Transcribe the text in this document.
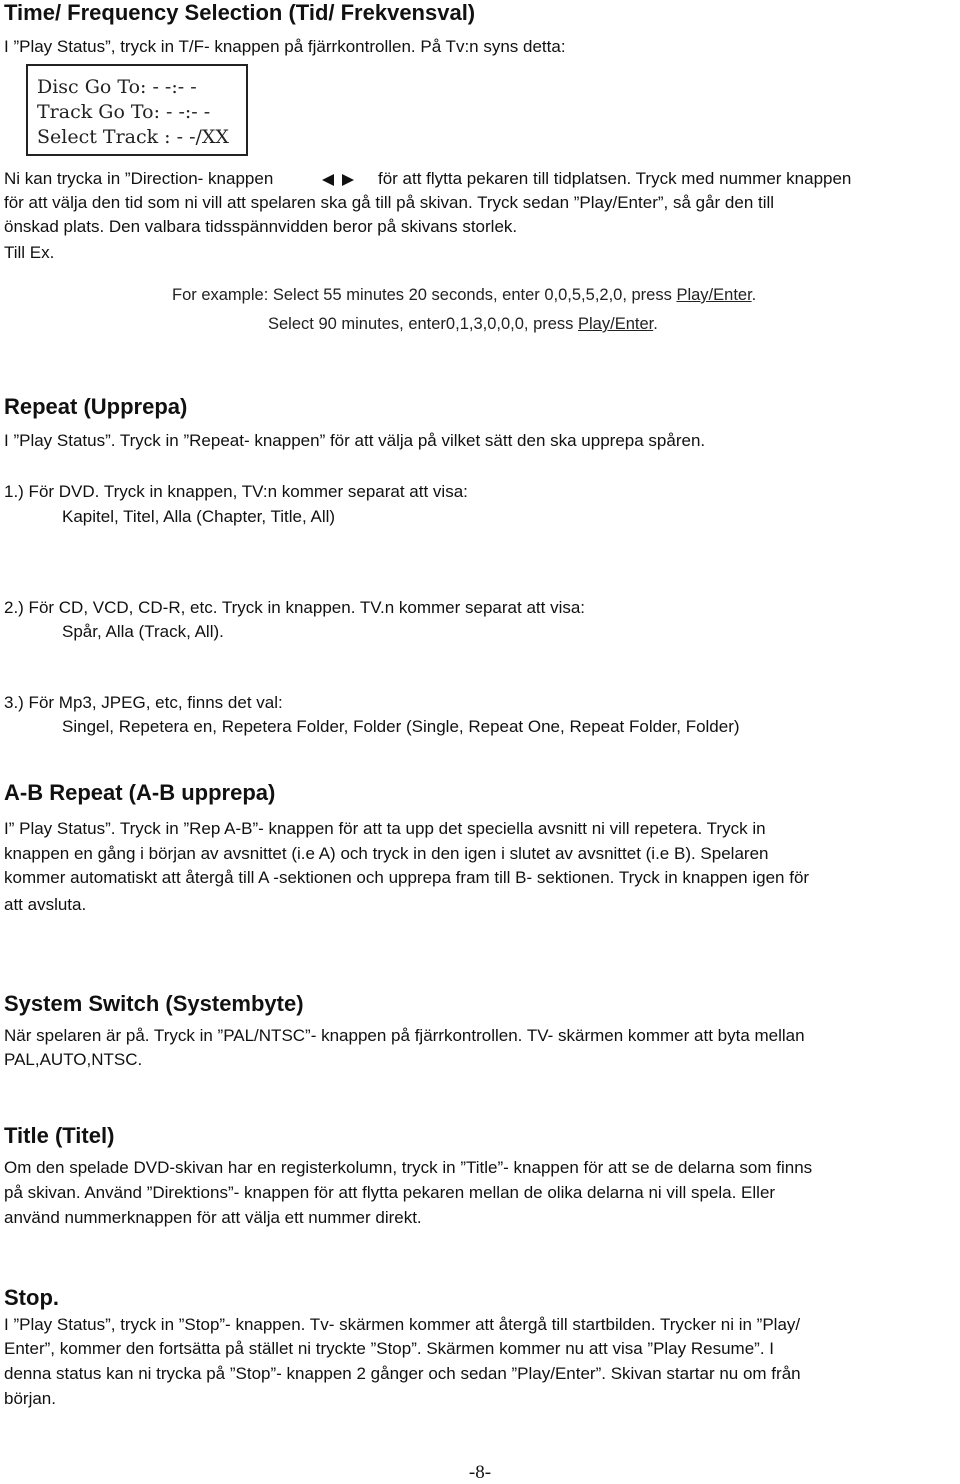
Time/ Frequency Selection (Tid/ Frekvensval)
I ”Play Status”, tryck in T/F- knappen på fjärrkontrollen. På Tv:n syns detta:
Disc Go To: - -:- -
Track Go To: - -:- -
Select Track : - -/XX
Ni kan trycka in ”Direction- knappen	för att flytta pekaren till tidplatsen. Tryck med nummer knappen
för att välja den tid som ni vill att spelaren ska gå till på skivan. Tryck sedan ”Play/Enter”, så går den till
önskad plats. Den valbara tidsspännvidden beror på skivans storlek.
Till Ex.
For example: Select 55 minutes 20 seconds, enter 0,0,5,5,2,0, press Play/Enter.
Select 90 minutes, enter0,1,3,0,0,0, press Play/Enter.
Repeat (Upprepa)
I ”Play Status”. Tryck in ”Repeat- knappen” för att välja på vilket sätt den ska upprepa spåren.
1.) För DVD. Tryck in knappen, TV:n kommer separat att visa:
Kapitel, Titel, Alla (Chapter, Title, All)
2.) För CD, VCD, CD-R, etc. Tryck in knappen. TV.n kommer separat att visa:
Spår, Alla (Track, All).
3.) För Mp3, JPEG, etc, finns det val:
Singel, Repetera en, Repetera Folder, Folder (Single, Repeat One, Repeat Folder, Folder)
A-B Repeat (A-B upprepa)
I” Play Status”. Tryck in ”Rep A-B”- knappen för att ta upp det speciella avsnitt ni vill repetera. Tryck in
knappen en gång i början av avsnittet (i.e A) och tryck in den igen i slutet av avsnittet (i.e B). Spelaren
kommer automatiskt att återgå till A -sektionen och upprepa fram till B- sektionen. Tryck in knappen igen för
att avsluta.
System Switch (Systembyte)
När spelaren är på. Tryck in ”PAL/NTSC”- knappen på fjärrkontrollen. TV- skärmen kommer att byta mellan
PAL,AUTO,NTSC.
Title (Titel)
Om den spelade DVD-skivan har en registerkolumn, tryck in ”Title”- knappen för att se de delarna som finns
på skivan. Använd ”Direktions”- knappen för att flytta pekaren mellan de olika delarna ni vill spela. Eller
använd nummerknappen för att välja ett nummer direkt.
Stop.
I ”Play Status”, tryck in ”Stop”- knappen. Tv- skärmen kommer att återgå till startbilden. Trycker ni in ”Play/
Enter”, kommer den fortsätta på stället ni tryckte ”Stop”. Skärmen kommer nu att visa ”Play Resume”. I
denna status kan ni trycka på ”Stop”- knappen 2 gånger och sedan ”Play/Enter”. Skivan startar nu om från
början.
-8-
